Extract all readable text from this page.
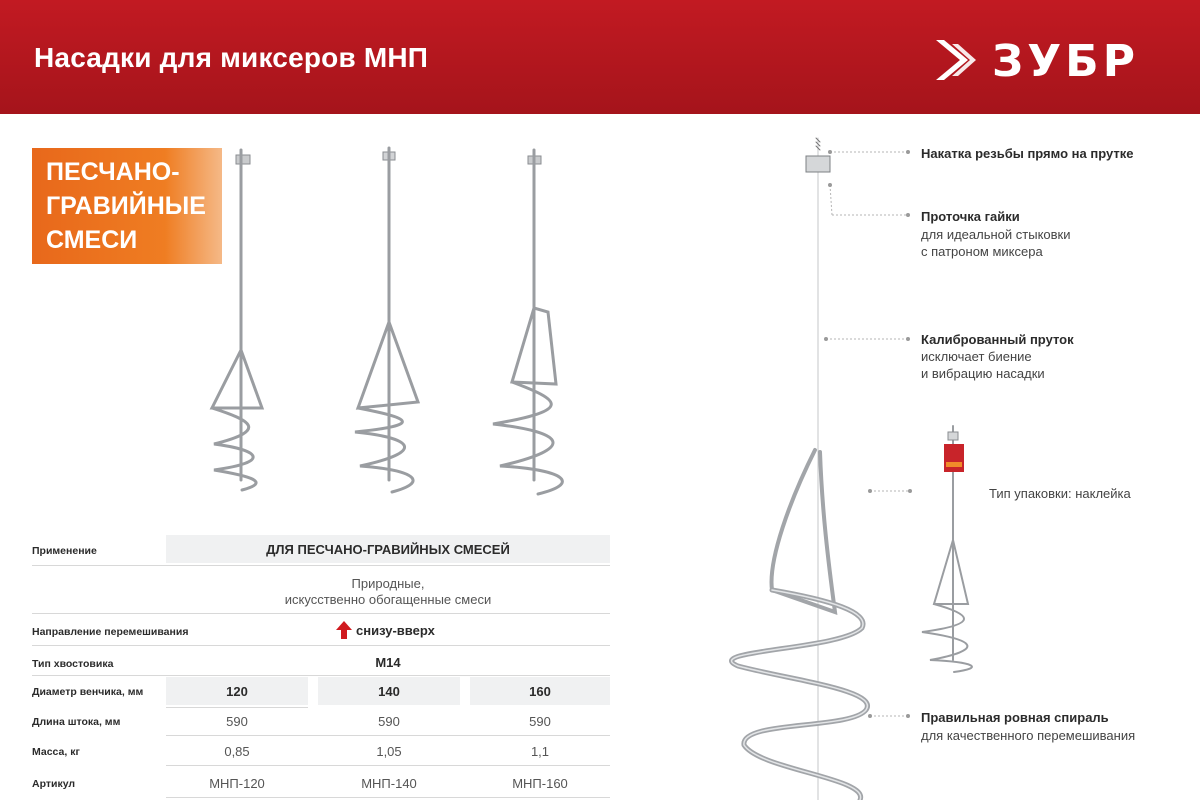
Насадки для миксеров МНП	ЗУБР
ПЕСЧАНО-
ГРАВИЙНЫЕ
СМЕСИ
Применение	ДЛЯ ПЕСЧАНО-ГРАВИЙНЫХ СМЕСЕЙ
Природные,
искусственно обогащенные смеси
Направление перемешивания	снизу-вверх
Тип хвостовика	М14
Диаметр венчика, мм	120	140	160
Длина штока, мм	590	590	590
Масса, кг	0,85	1,05	1,1
Артикул	МНП-120	МНП-140	МНП-160
Накатка резьбы прямо на прутке
Проточка гайки
для идеальной стыковки
с патроном миксера
Калиброванный пруток
исключает биение
и вибрацию насадки
Тип упаковки: наклейка
Правильная ровная спираль
для качественного перемешивания
